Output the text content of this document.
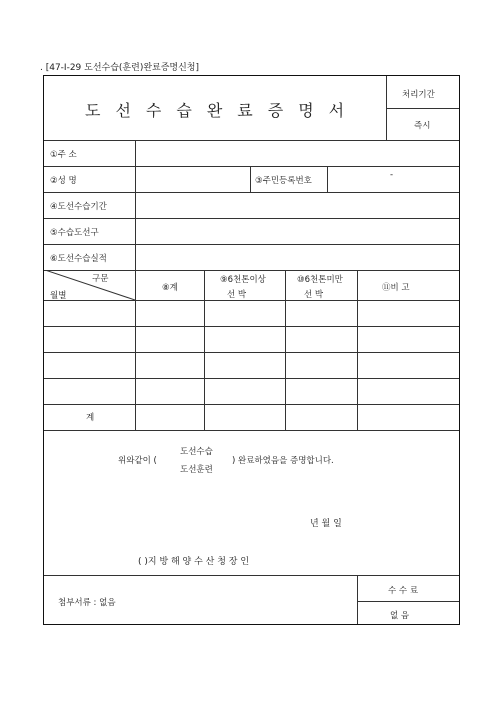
. [47-Ⅰ-29 도선수습(훈련)완료증명신청]
도선수습완료증명서
처리기간
즉시
①주 소
②성 명	③주민등록번호
-
④도선수습기간
⑤수습도선구
⑥도선수습실적
구문
월별
⑧계
⑨6천톤이상
선 박
⑩6천톤미만
선 박
⑪비 고
계
위와같이 (
도선수습
도선훈련
) 완료하였음을 증명합니다.
년 월 일
( )지 방 해 양 수 산 청 장 인
첨부서류 : 없음
수 수 료
없 음
